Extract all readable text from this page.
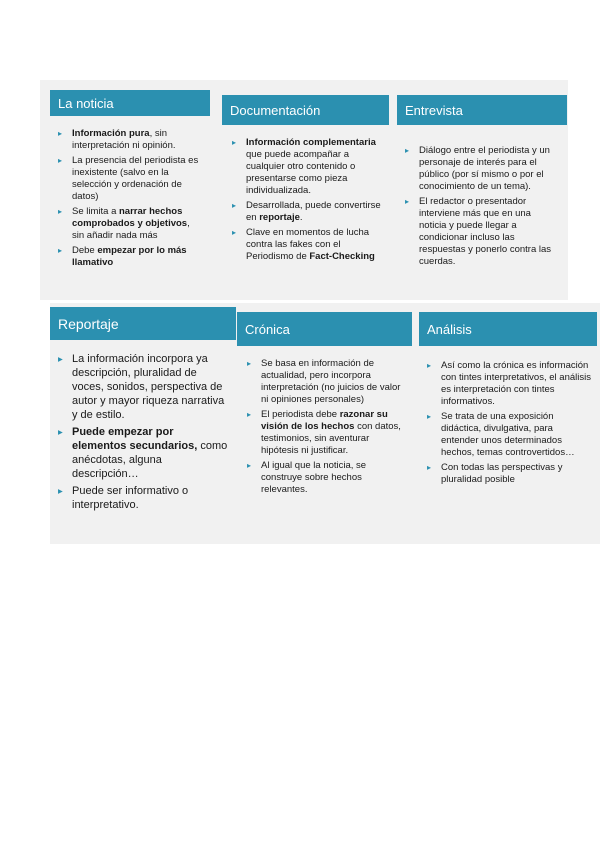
La noticia
▸ Información pura, sin interpretación ni opinión.
▸ La presencia del periodista es inexistente (salvo en la selección y ordenación de datos)
▸ Se limita a narrar hechos comprobados y objetivos, sin añadir nada más
▸ Debe empezar por lo más llamativo
Documentación
▸ Información complementaria que puede acompañar a cualquier otro contenido o presentarse como pieza individualizada.
▸ Desarrollada, puede convertirse en reportaje.
▸ Clave en momentos de lucha contra las fakes con el Periodismo de Fact-Checking
Entrevista
▸ Diálogo entre el periodista y un personaje de interés para el público (por sí mismo o por el conocimiento de un tema).
▸ El redactor o presentador interviene más que en una noticia y puede llegar a condicionar incluso las respuestas y ponerlo contra las cuerdas.
Reportaje
▸ La información incorpora ya descripción, pluralidad de voces, sonidos, perspectiva de autor y mayor riqueza narrativa y de estilo.
▸ Puede empezar por elementos secundarios, como anécdotas, alguna descripción…
▸ Puede ser informativo o interpretativo.
Crónica
▸ Se basa en información de actualidad, pero incorpora interpretación (no juicios de valor ni opiniones personales)
▸ El periodista debe razonar su visión de los hechos con datos, testimonios, sin aventurar hipótesis ni justificar.
▸ Al igual que la noticia, se construye sobre hechos relevantes.
Análisis
▸ Así como la crónica es información con tintes interpretativos, el análisis es interpretación con tintes informativos.
▸ Se trata de una exposición didáctica, divulgativa, para entender unos determinados hechos, temas controvertidos…
▸ Con todas las perspectivas y pluralidad posible
